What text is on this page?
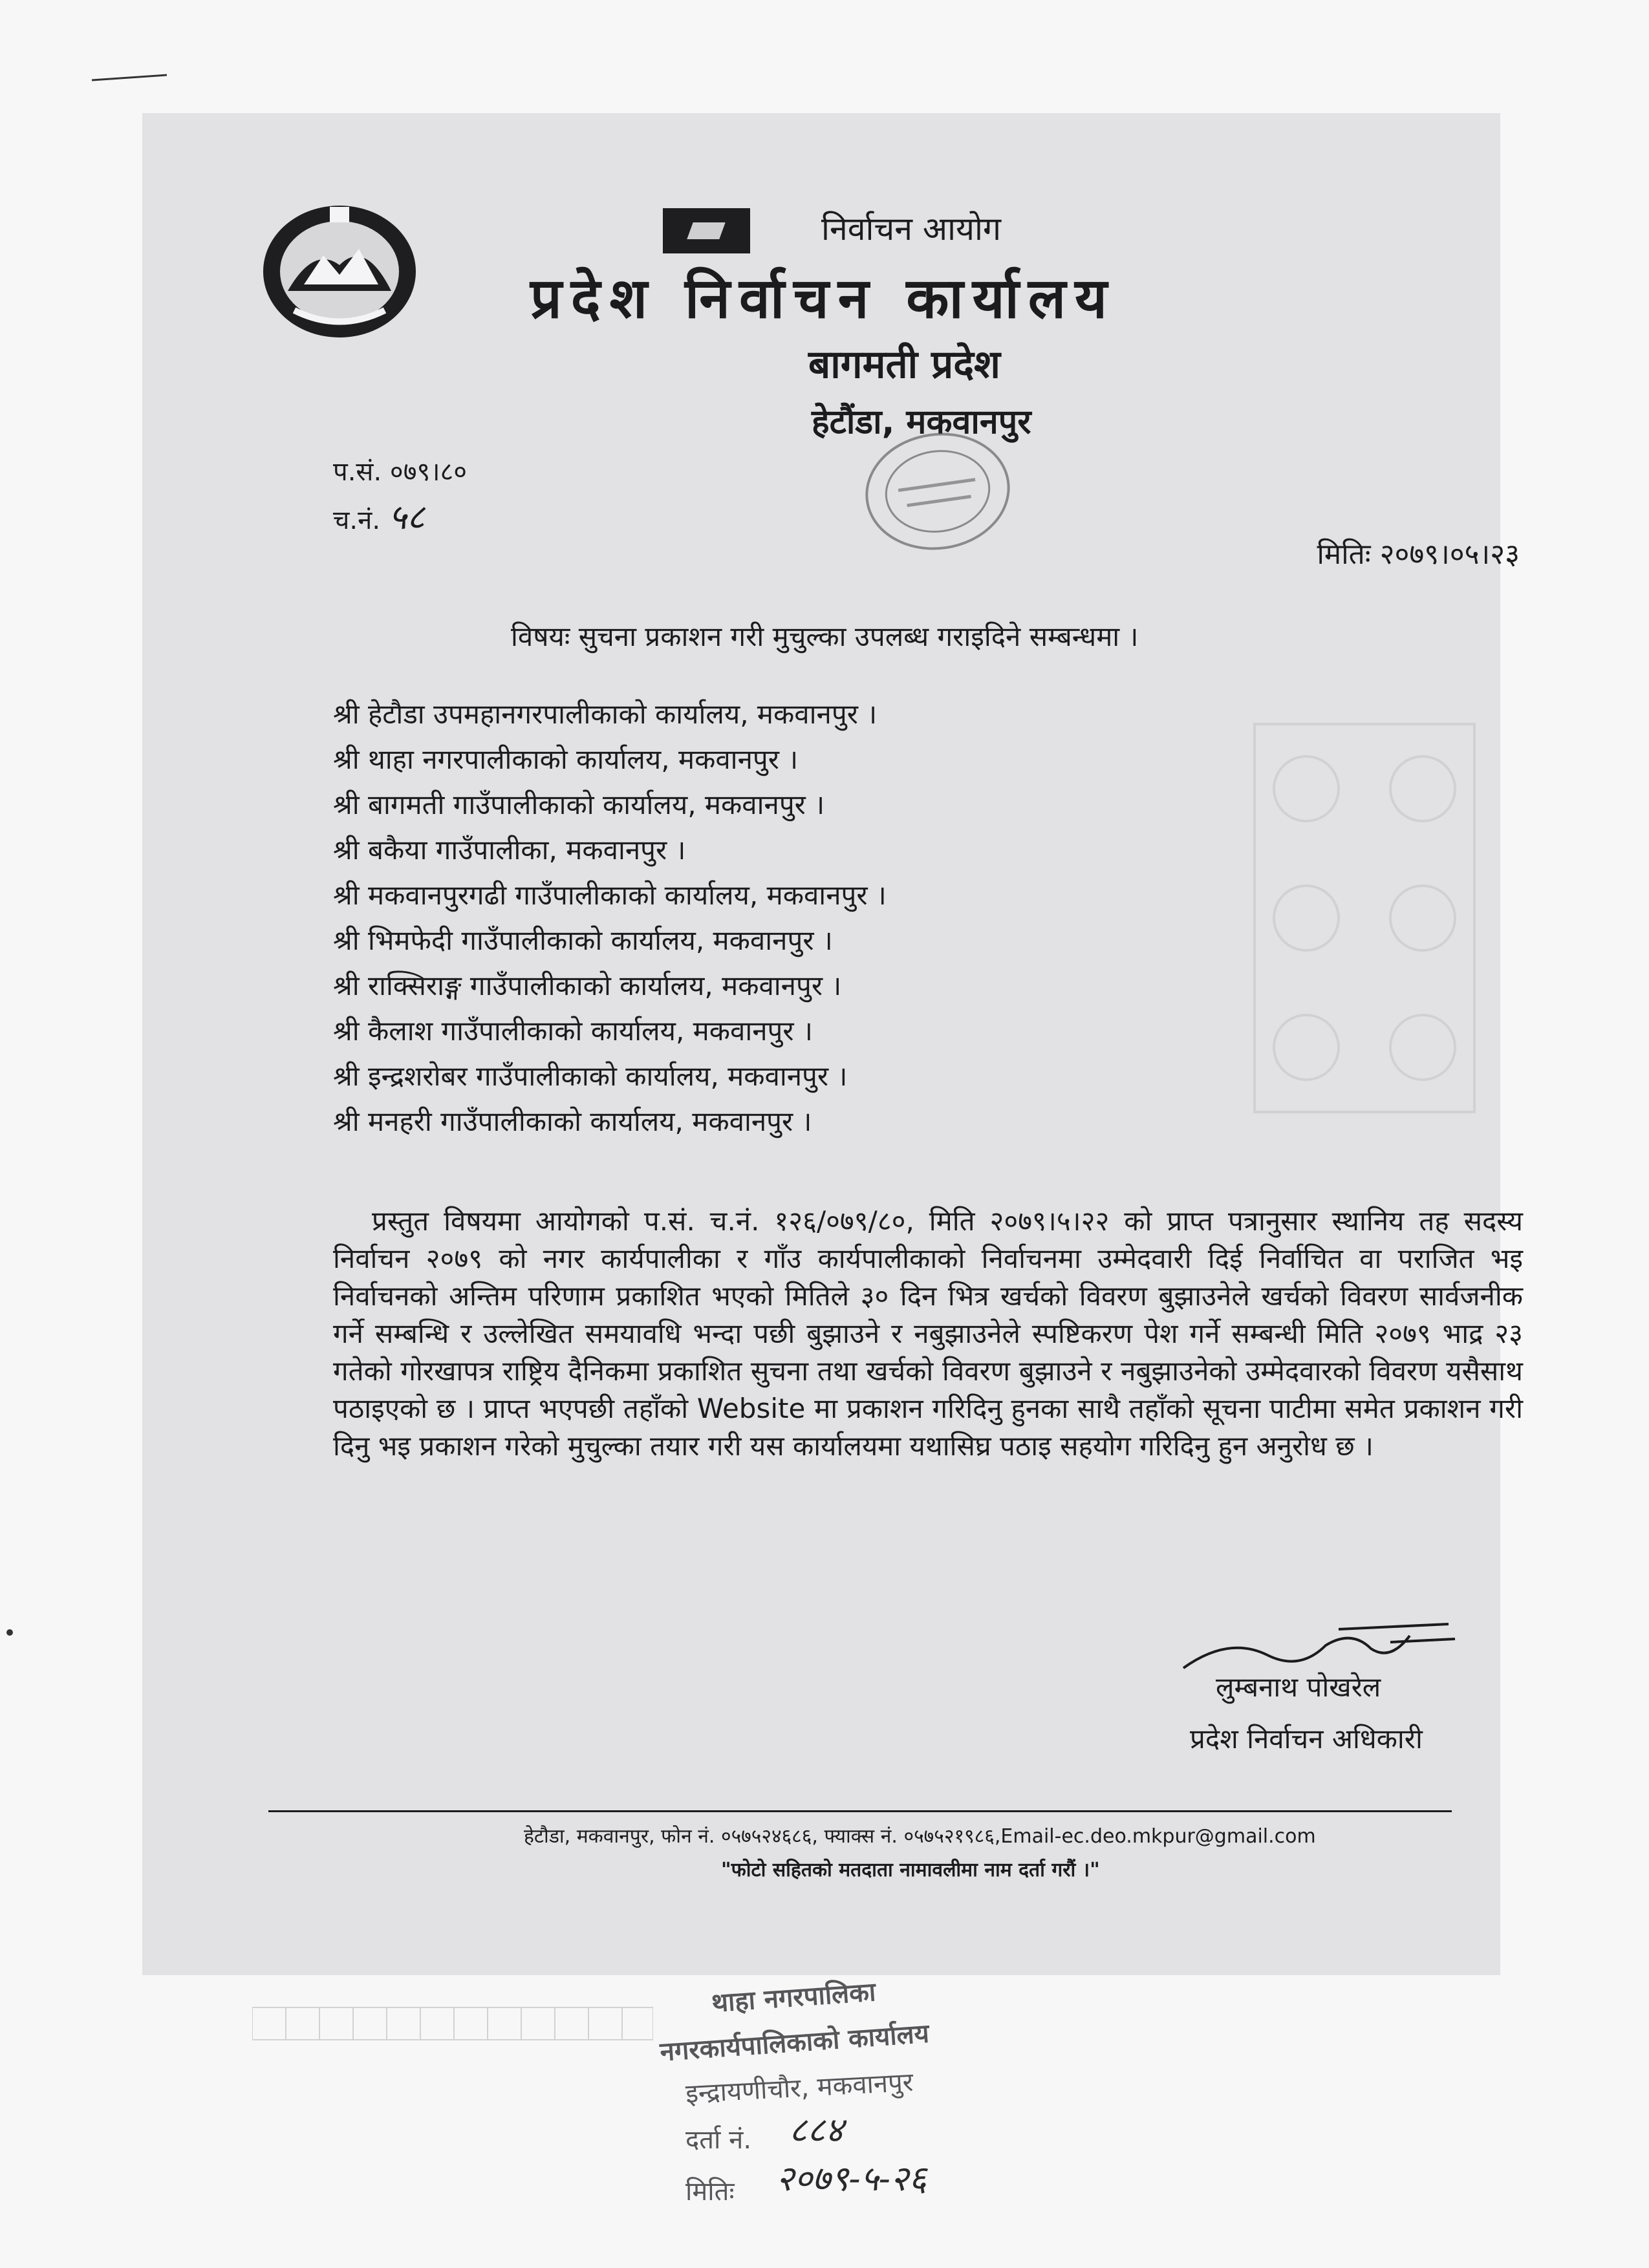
निर्वाचन आयोग
प्रदेश निर्वाचन कार्यालय
बागमती प्रदेश
हेटौंडा, मकवानपुर
प.सं. ०७९।८०
च.नं. ५८
मितिः २०७९।०५।२३
विषयः सुचना प्रकाशन गरी मुचुल्का उपलब्ध गराइदिने सम्बन्धमा ।
श्री हेटौडा उपमहानगरपालीकाको कार्यालय, मकवानपुर ।
श्री थाहा नगरपालीकाको कार्यालय, मकवानपुर ।
श्री बागमती गाउँपालीकाको कार्यालय, मकवानपुर ।
श्री बकैया गाउँपालीका, मकवानपुर ।
श्री मकवानपुरगढी गाउँपालीकाको कार्यालय, मकवानपुर ।
श्री भिमफेदी गाउँपालीकाको कार्यालय, मकवानपुर ।
श्री राक्सिराङ्ग गाउँपालीकाको कार्यालय, मकवानपुर ।
श्री कैलाश गाउँपालीकाको कार्यालय, मकवानपुर ।
श्री इन्द्रशरोबर गाउँपालीकाको कार्यालय, मकवानपुर ।
श्री मनहरी गाउँपालीकाको कार्यालय, मकवानपुर ।
प्रस्तुत विषयमा आयोगको प.सं. च.नं. १२६/०७९/८०, मिति २०७९।५।२२ को प्राप्त पत्रानुसार स्थानिय तह सदस्य निर्वाचन २०७९ को नगर कार्यपालीका र गाँउ कार्यपालीकाको निर्वाचनमा उम्मेदवारी दिई निर्वाचित वा पराजित भइ निर्वाचनको अन्तिम परिणाम प्रकाशित भएको मितिले ३० दिन भित्र खर्चको विवरण बुझाउनेले खर्चको विवरण सार्वजनीक गर्ने सम्बन्धि र उल्लेखित समयावधि भन्दा पछी बुझाउने र नबुझाउनेले स्पष्टिकरण पेश गर्ने सम्बन्धी मिति २०७९ भाद्र २३ गतेको गोरखापत्र राष्ट्रिय दैनिकमा प्रकाशित सुचना तथा खर्चको विवरण बुझाउने र नबुझाउनेको उम्मेदवारको विवरण यसैसाथ पठाइएको छ । प्राप्त भएपछी तहाँको Website मा प्रकाशन गरिदिनु हुनका साथै तहाँको सूचना पाटीमा समेत प्रकाशन गरी दिनु भइ प्रकाशन गरेको मुचुल्का तयार गरी यस कार्यालयमा यथासिघ्र पठाइ सहयोग गरिदिनु हुन अनुरोध छ ।
लुम्बनाथ पोखरेल
प्रदेश निर्वाचन अधिकारी
हेटौडा, मकवानपुर, फोन नं. ०५७५२४६८६, फ्याक्स नं. ०५७५२१९८६,Email-ec.deo.mkpur@gmail.com
"फोटो सहितको मतदाता नामावलीमा नाम दर्ता गरौं ।"
थाहा नगरपालिका
नगरकार्यपालिकाको कार्यालय
इन्द्रायणीचौर, मकवानपुर
दर्ता नं. ८८४
मितिः २०७९-५-२६
